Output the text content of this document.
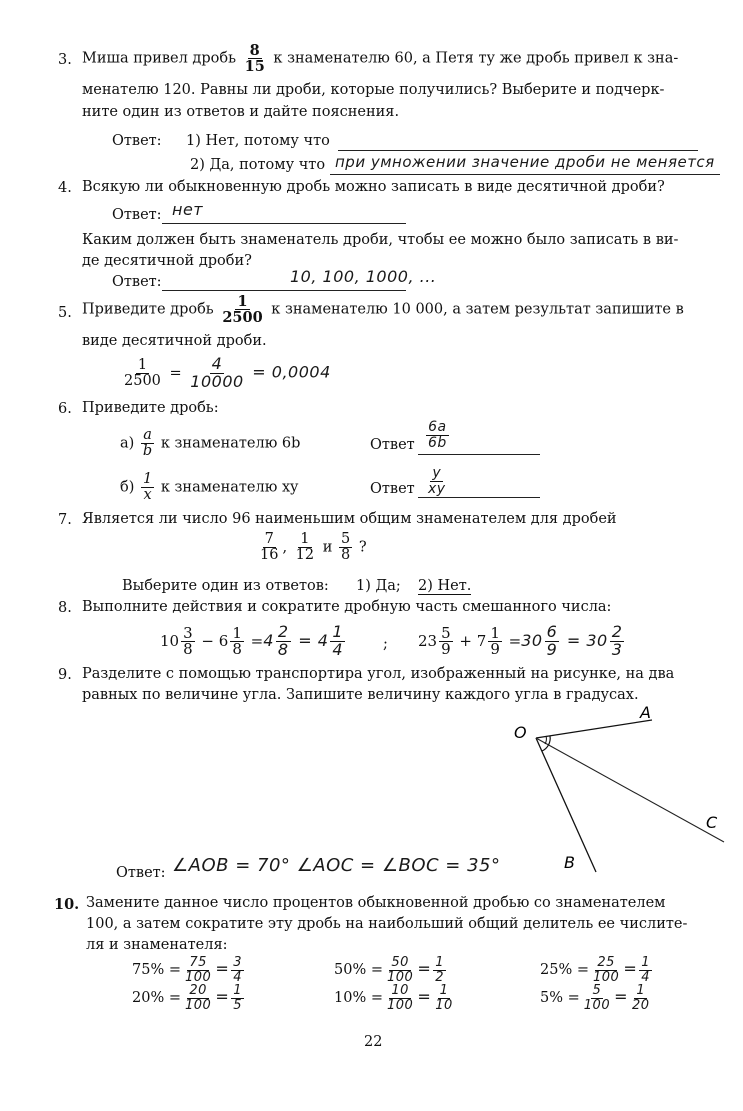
3. Миша привел дробь $\frac{8}{15}$ к знаменателю 60, а Петя ту же дробь привел к зна-
менателю 120. Равны ли дроби, которые получились? Выберите и подчерк-
ните один из ответов и дайте пояснения.
Ответ: 1) Нет, потому что
2) Да, потому что при умножении значение дроби не меняется
4. Всякую ли обыкновенную дробь можно записать в виде десятичной дроби?
Ответ: нет
Каким должен быть знаменатель дроби, чтобы ее можно было записать в ви-
де десятичной дроби?
Ответ:	10, 100, 1000, ...
5. Приведите дробь $\frac{1}{2500}$ к знаменателю 10 000, а затем результат запишите в
виде десятичной дроби.
$\frac{1}{2500} = \frac{4}{10000} = 0,0004$
6. Приведите дробь:
$а) \frac{a}{b}$ к знаменателю 6b	Ответ $\frac{6a}{6b}$
$б) \frac{1}{x}$ к знаменателю xy	Ответ $\frac{y}{xy}$
7. Является ли число 96 наименьшим общим знаменателем для дробей
$\frac{7}{16}$ , $\frac{1}{12}$ и $\frac{5}{8}$ ?
Выберите один из ответов: 1) Да; 2) Нет.
8. Выполните действия и сократите дробную часть смешанного числа:
$10 \frac{3}{8} - 6 \frac{1}{8} =4 \frac{2}{8} = 4 \frac{1}{4}$	; $23 \frac{5}{9} + 7 \frac{1}{9} =30 \frac{6}{9} = 30 \frac{2}{3}$
9. Разделите с помощью транспортира угол, изображенный на рисунке, на два
равных по величине угла. Запишите величину каждого угла в градусах.
O
A
B
C
Ответ: ∠AOB = 70° ∠AOC = ∠BOC = 35°
10. Замените данное число процентов обыкновенной дробью со знаменателем
100, а затем сократите эту дробь на наибольший общий делитель ее числите-
ля и знаменателя:
$75\% = \frac{75}{100} = \frac{3}{4}$	$50\% = \frac{50}{100} = \frac{1}{2}$	$25\% = \frac{25}{100} = \frac{1}{4}$
$20\% = \frac{20}{100} = \frac{1}{5}$	$10\% = \frac{10}{100} = \frac{1}{10}$	$5\% = \frac{5}{100} = \frac{1}{20}$
22
